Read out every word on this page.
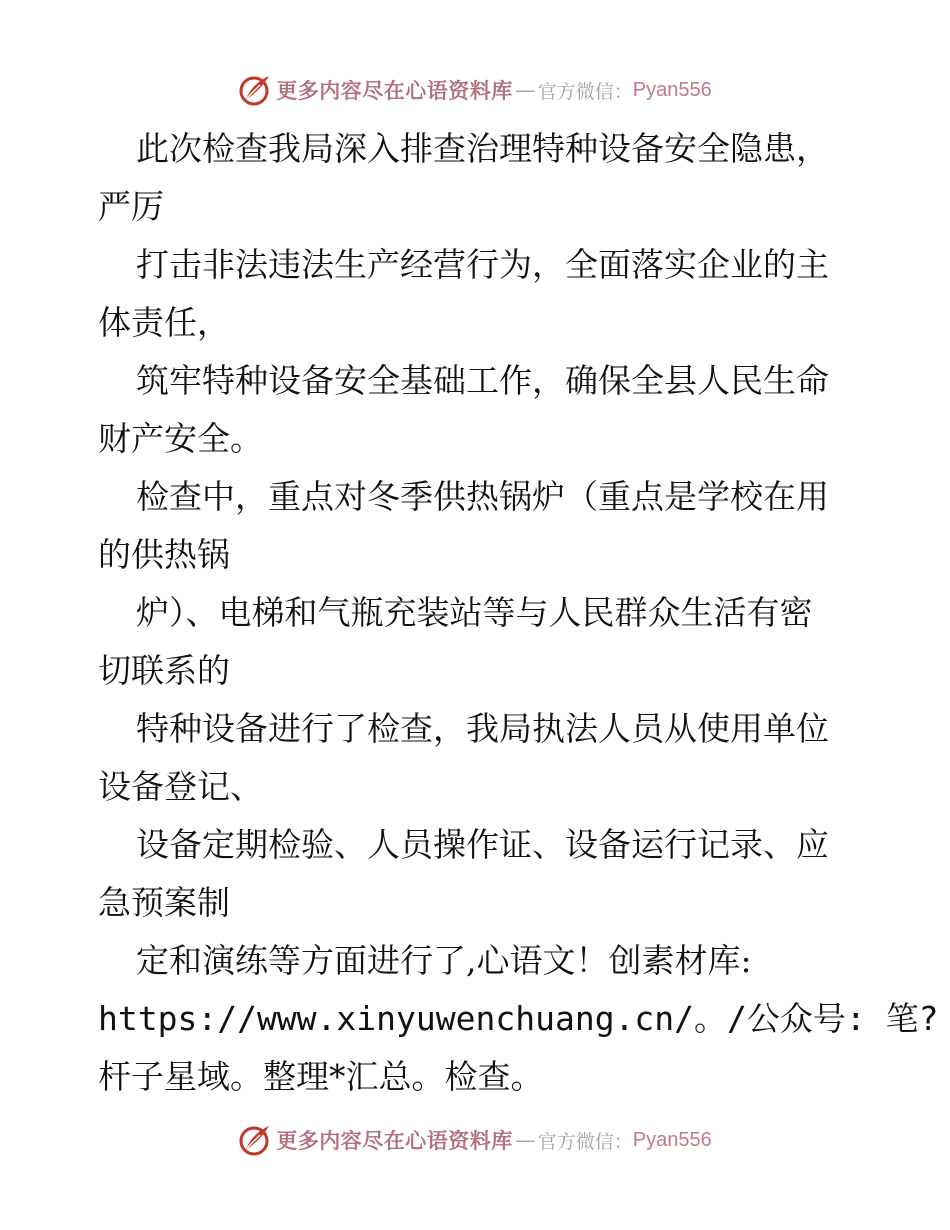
更多内容尽在心语资料库 — 官方微信： Pyan556
此次检查我局深入排查治理特种设备安全隐患，
严厉
打击非法违法生产经营行为，全面落实企业的主
体责任，
筑牢特种设备安全基础工作，确保全县人民生命
财产安全。
检查中，重点对冬季供热锅炉（重点是学校在用
的供热锅
炉）、电梯和气瓶充装站等与人民群众生活有密
切联系的
特种设备进行了检查，我局执法人员从使用单位
设备登记、
设备定期检验、人员操作证、设备运行记录、应
急预案制
定和演练等方面进行了,心语文！创素材库:
https://www.xinyuwenchuang.cn/。/公众号: 笔?
杆子星域。整理*汇总。检查。
更多内容尽在心语资料库 — 官方微信： Pyan556
